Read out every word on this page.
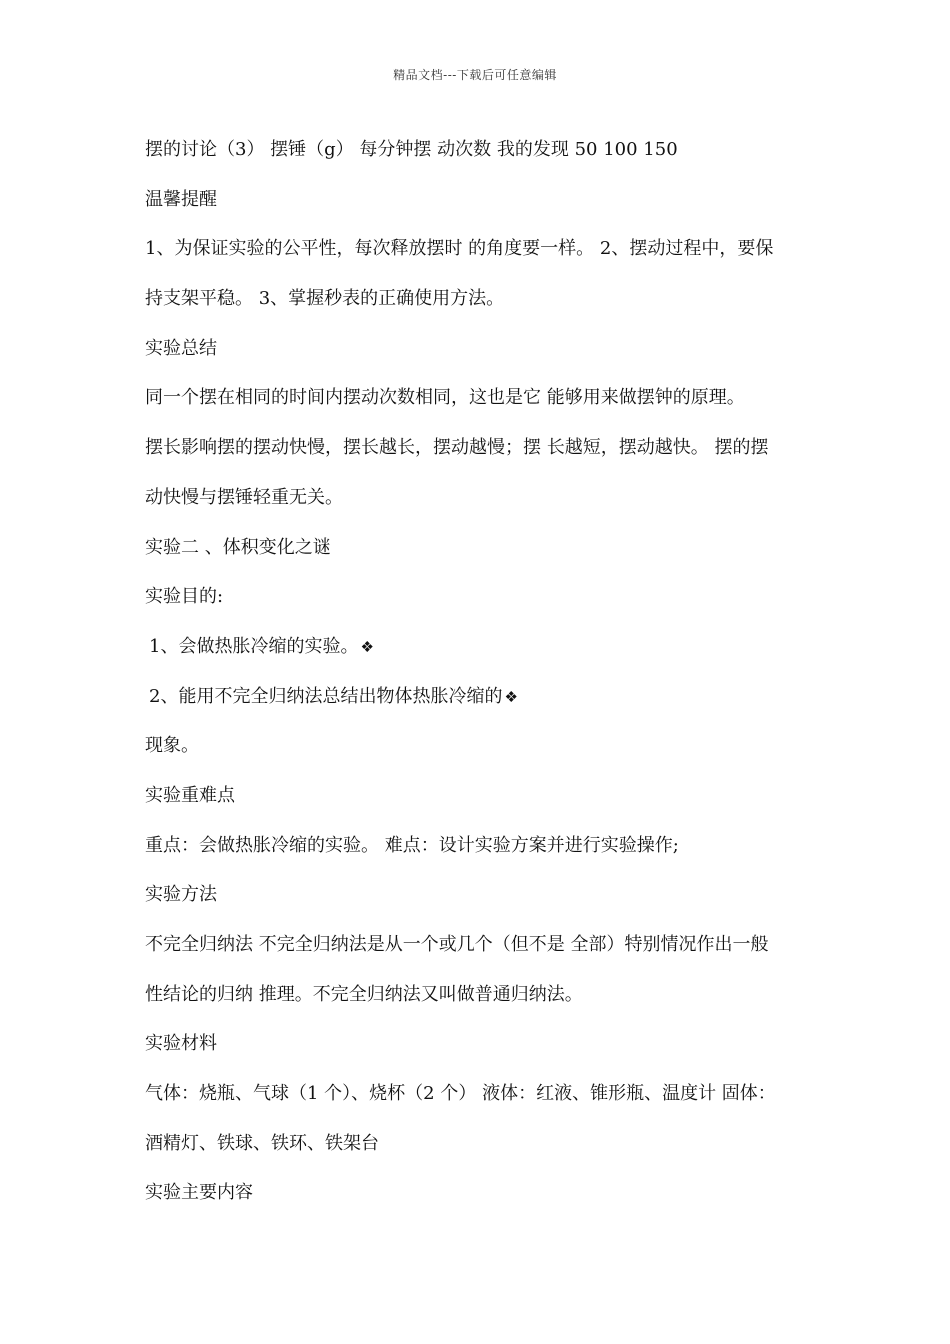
精品文档---下载后可任意编辑
摆的讨论（3） 摆锤（g） 每分钟摆 动次数 我的发现 50 100 150
温馨提醒
1、为保证实验的公平性，每次释放摆时 的角度要一样。 2、摆动过程中，要保
持支架平稳。 3、掌握秒表的正确使用方法。
实验总结
同一个摆在相同的时间内摆动次数相同，这也是它 能够用来做摆钟的原理。
摆长影响摆的摆动快慢，摆长越长，摆动越慢；摆 长越短，摆动越快。 摆的摆
动快慢与摆锤轻重无关。
实验二 、体积变化之谜
实验目的:
1、会做热胀冷缩的实验。 ❖
2、能用不完全归纳法总结出物体热胀冷缩的 ❖
现象。
实验重难点
重点：会做热胀冷缩的实验。 难点：设计实验方案并进行实验操作;
实验方法
不完全归纳法 不完全归纳法是从一个或几个（但不是 全部）特别情况作出一般
性结论的归纳 推理。不完全归纳法又叫做普通归纳法。
实验材料
气体：烧瓶、气球（1 个）、烧杯（2 个） 液体：红液、锥形瓶、温度计 固体：
酒精灯、铁球、铁环、铁架台
实验主要内容
